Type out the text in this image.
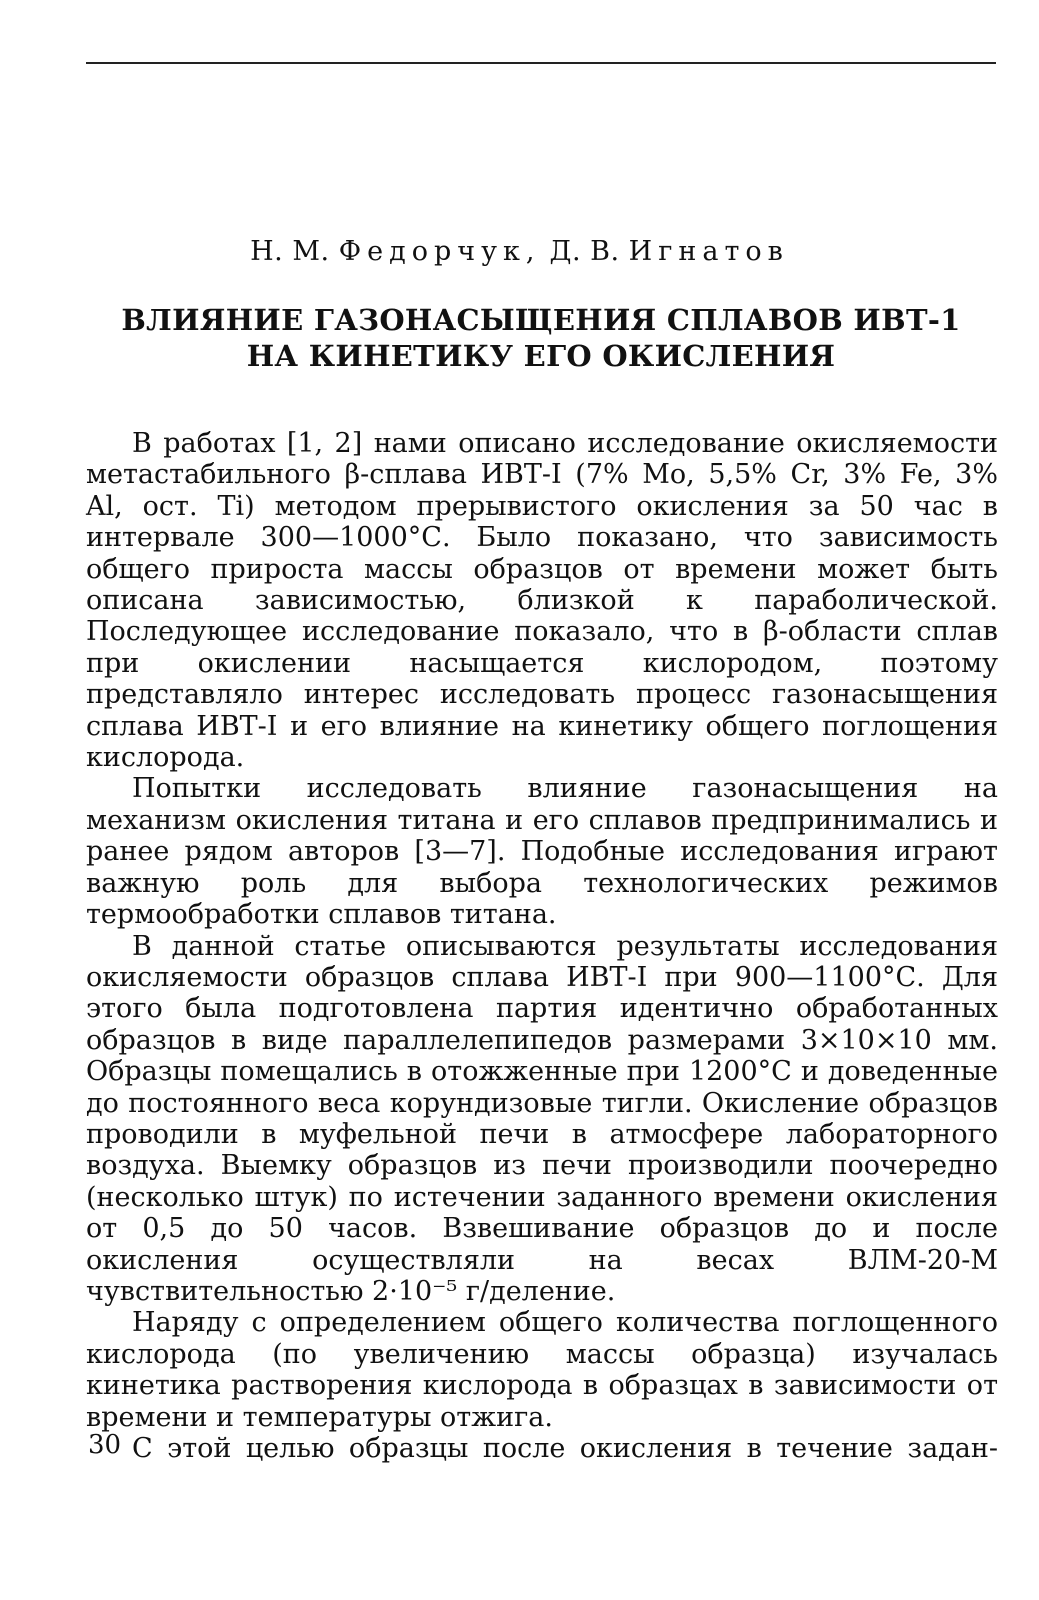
Н. М. Федорчук, Д. В. Игнатов
ВЛИЯНИЕ ГАЗОНАСЫЩЕНИЯ СПЛАВОВ ИВТ-1
НА КИНЕТИКУ ЕГО ОКИСЛЕНИЯ

В работах [1, 2] нами описано исследование окисляемости метастабильного β-сплава ИВТ-I (7% Mo, 5,5% Cr, 3% Fe, 3% Al, ост. Ti) методом прерывистого окисления за 50 час в интервале 300—1000°С. Было показано, что зависимость общего прироста массы образцов от времени может быть описана зависимостью, близкой к параболической. Последующее исследование показало, что в β-области сплав при окислении насыщается кислородом, поэтому представляло интерес исследовать процесс газонасыщения сплава ИВТ-I и его влияние на кинетику общего поглощения кислорода.

Попытки исследовать влияние газонасыщения на механизм окисления титана и его сплавов предпринимались и ранее рядом авторов [3—7]. Подобные исследования играют важную роль для выбора технологических режимов термообработки сплавов титана.

В данной статье описываются результаты исследования окисляемости образцов сплава ИВТ-I при 900—1100°С. Для этого была подготовлена партия идентично обработанных образцов в виде параллелепипедов размерами 3×10×10 мм. Образцы помещались в отожженные при 1200°С и доведенные до постоянного веса корундизовые тигли. Окисление образцов проводили в муфельной печи в атмосфере лабораторного воздуха. Выемку образцов из печи производили поочередно (несколько штук) по истечении заданного времени окисления от 0,5 до 50 часов. Взвешивание образцов до и после окисления осуществляли на весах ВЛМ-20-М чувствительностью 2·10⁻⁵ г/деление.

Наряду с определением общего количества поглощенного кислорода (по увеличению массы образца) изучалась кинетика растворения кислорода в образцах в зависимости от времени и температуры отжига.

С этой целью образцы после окисления в течение задан-

30
